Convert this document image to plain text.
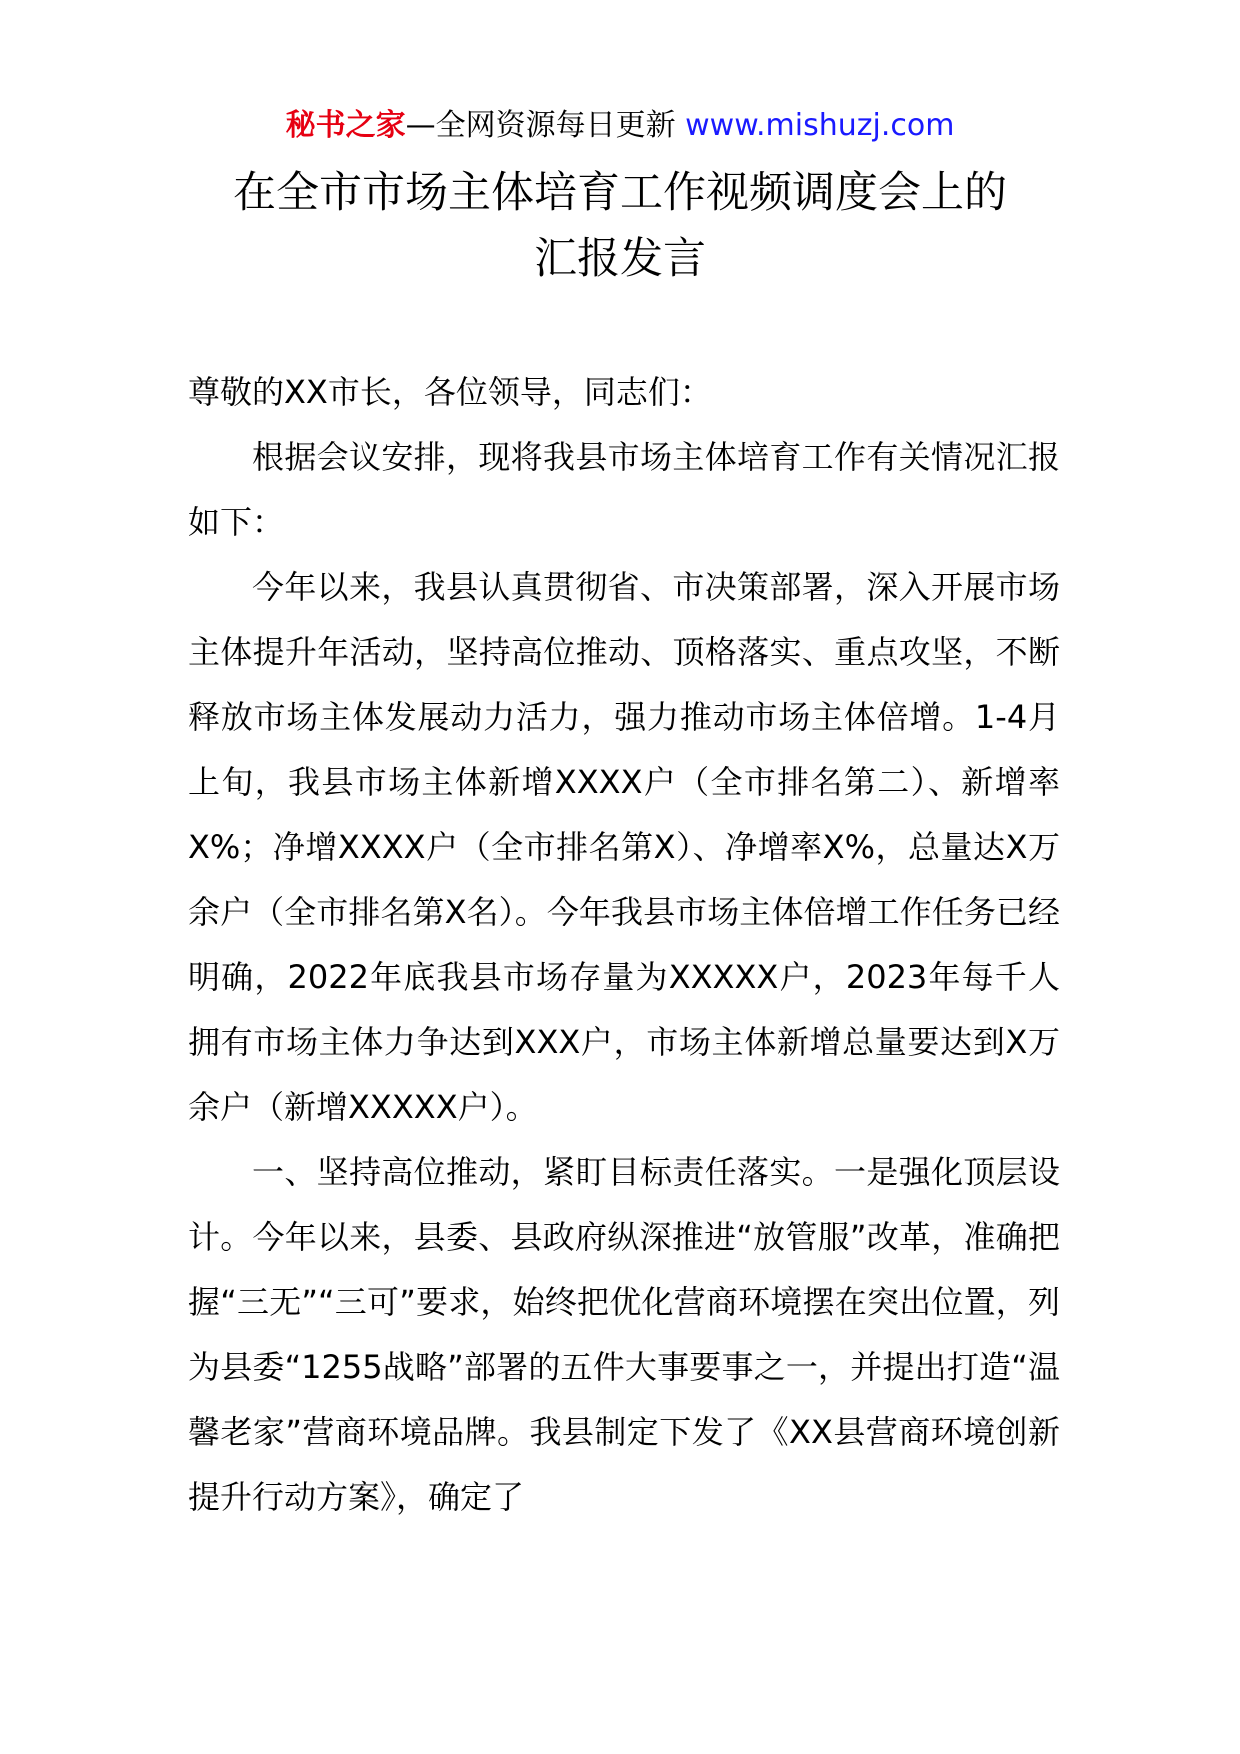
秘书之家—全网资源每日更新 www.mishuzj.com
在全市市场主体培育工作视频调度会上的
汇报发言

尊敬的XX市长，各位领导，同志们：

根据会议安排，现将我县市场主体培育工作有关情况汇报如下：

今年以来，我县认真贯彻省、市决策部署，深入开展市场主体提升年活动，坚持高位推动、顶格落实、重点攻坚，不断释放市场主体发展动力活力，强力推动市场主体倍增。1-4月上旬，我县市场主体新增XXXX户（全市排名第二）、新增率X%；净增XXXX户（全市排名第X）、净增率X%，总量达X万余户（全市排名第X名）。今年我县市场主体倍增工作任务已经明确，2022年底我县市场存量为XXXXX户，2023年每千人拥有市场主体力争达到XXX户，市场主体新增总量要达到X万余户（新增XXXXX户）。

一、坚持高位推动，紧盯目标责任落实。一是强化顶层设计。今年以来，县委、县政府纵深推进“放管服”改革，准确把握“三无”“三可”要求，始终把优化营商环境摆在突出位置，列为县委“1255战略”部署的五件大事要事之一，并提出打造“温馨老家”营商环境品牌。我县制定下发了《XX县营商环境创新提升行动方案》，确定了
